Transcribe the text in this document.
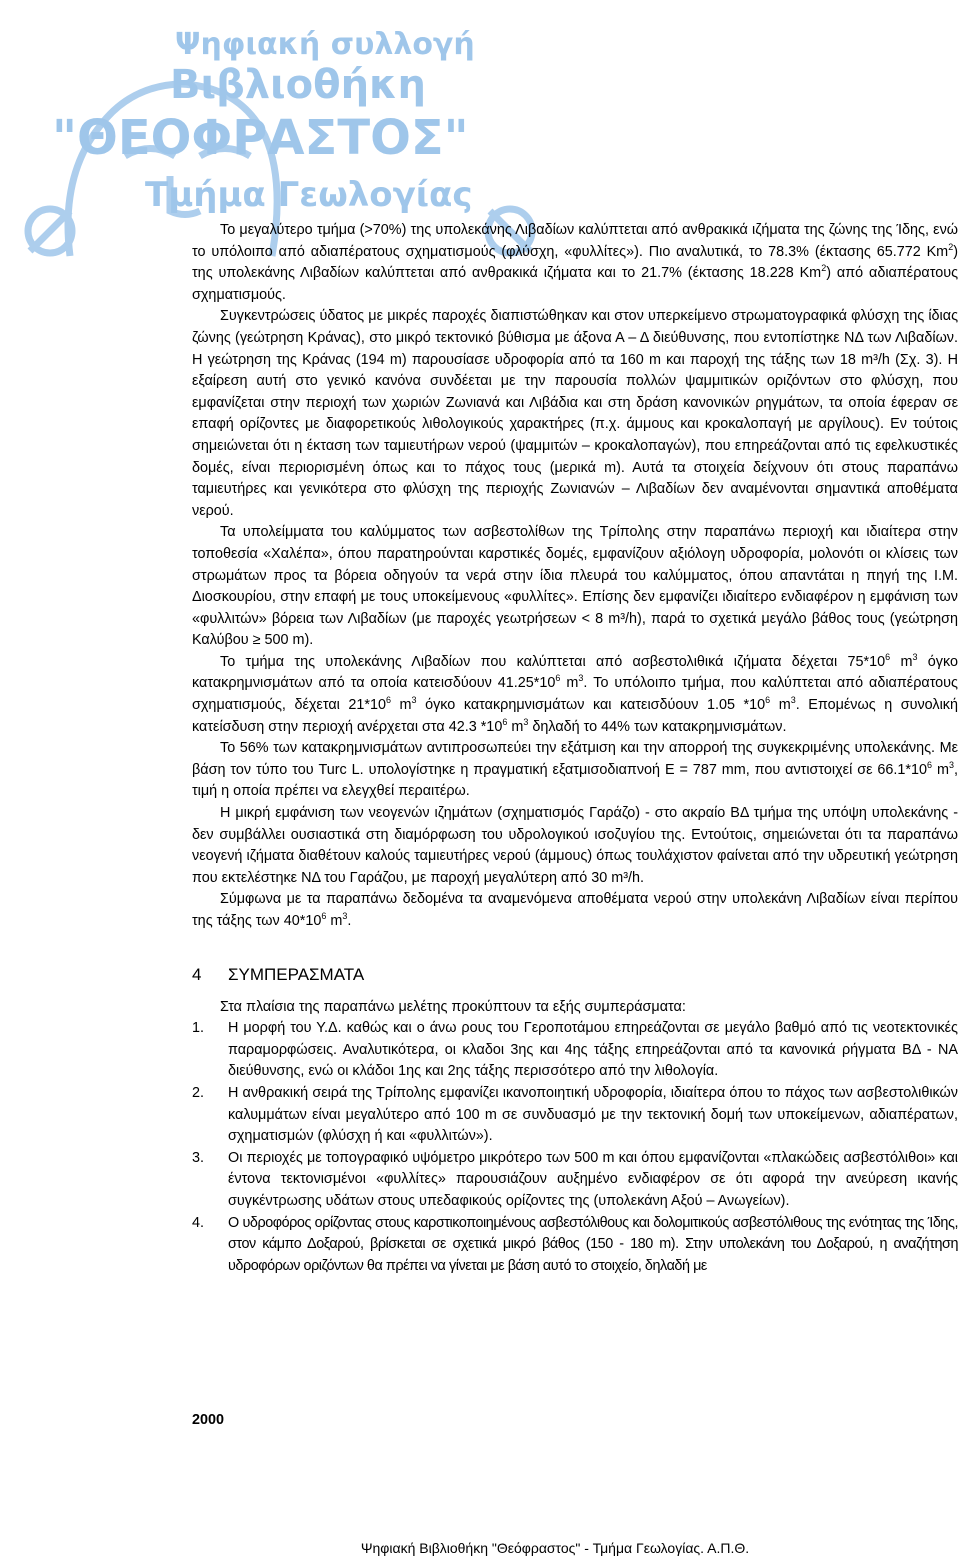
Ψηφιακή συλλογή
Βιβλιοθήκη
"ΘΕΟΦΡΑΣΤΟΣ"
Τμήμα Γεωλογίας

Το μεγαλύτερο τμήμα (>70%) της υπολεκάνης Λιβαδίων καλύπτεται από ανθρακικά ιζήματα της ζώνης της Ίδης, ενώ το υπόλοιπο από αδιαπέρατους σχηματισμούς (φλύσχη, «φυλλίτες»). Πιο αναλυτικά, το 78.3% (έκτασης 65.772 Km$^2$) της υπολεκάνης Λιβαδίων καλύπτεται από ανθρακικά ιζήματα και το 21.7% (έκτασης 18.228 Km$^2$) από αδιαπέρατους σχηματισμούς.

Συγκεντρώσεις ύδατος με μικρές παροχές διαπιστώθηκαν και στον υπερκείμενο στρωματογραφικά φλύσχη της ίδιας ζώνης (γεώτρηση Κράνας), στο μικρό τεκτονικό βύθισμα με άξονα Α – Δ διεύθυνσης, που εντοπίστηκε ΝΔ των Λιβαδίων. Η γεώτρηση της Κράνας (194 m) παρουσίασε υδροφορία από τα 160 m και παροχή της τάξης των 18 m³/h (Σχ. 3). Η εξαίρεση αυτή στο γενικό κανόνα συνδέεται με την παρουσία πολλών ψαμμιτικών οριζόντων στο φλύσχη, που εμφανίζεται στην περιοχή των χωριών Ζωνιανά και Λιβάδια και στη δράση κανονικών ρηγμάτων, τα οποία έφεραν σε επαφή ορίζοντες με διαφορετικούς λιθολογικούς χαρακτήρες (π.χ. άμμους και κροκαλοπαγή με αργίλους). Εν τούτοις σημειώνεται ότι η έκταση των ταμιευτήρων νερού (ψαμμιτών – κροκαλοπαγών), που επηρεάζονται από τις εφελκυστικές δομές, είναι περιορισμένη όπως και το πάχος τους (μερικά m). Αυτά τα στοιχεία δείχνουν ότι στους παραπάνω ταμιευτήρες και γενικότερα στο φλύσχη της περιοχής Ζωνιανών – Λιβαδίων δεν αναμένονται σημαντικά αποθέματα νερού.

Τα υπολείμματα του καλύμματος των ασβεστολίθων της Τρίπολης στην παραπάνω περιοχή και ιδιαίτερα στην τοποθεσία «Χαλέπα», όπου παρατηρούνται καρστικές δομές, εμφανίζουν αξιόλογη υδροφορία, μολονότι οι κλίσεις των στρωμάτων προς τα βόρεια οδηγούν τα νερά στην ίδια πλευρά του καλύμματος, όπου απαντάται η πηγή της Ι.Μ. Διοσκουρίου, στην επαφή με τους υποκείμενους «φυλλίτες». Επίσης δεν εμφανίζει ιδιαίτερο ενδιαφέρον η εμφάνιση των «φυλλιτών» βόρεια των Λιβαδίων (με παροχές γεωτρήσεων < 8 m³/h), παρά το σχετικά μεγάλο βάθος τους (γεώτρηση Καλύβου ≥ 500 m).

Το τμήμα της υπολεκάνης Λιβαδίων που καλύπτεται από ασβεστολιθικά ιζήματα δέχεται $75*10^6$ $m^3$ όγκο κατακρημνισμάτων από τα οποία κατεισδύουν $41.25*10^6$ $m^3$. Το υπόλοιπο τμήμα, που καλύπτεται από αδιαπέρατους σχηματισμούς, δέχεται $21*10^6$ $m^3$ όγκο κατακρημνισμάτων και κατεισδύουν 1.05 $*10^6$ $m^3$. Επομένως η συνολική κατείσδυση στην περιοχή ανέρχεται στα 42.3 $*10^6$ $m^3$ δηλαδή το 44% των κατακρημνισμάτων.

Το 56% των κατακρημνισμάτων αντιπροσωπεύει την εξάτμιση και την απορροή της συγκεκριμένης υπολεκάνης. Με βάση τον τύπο του Turc L. υπολογίστηκε η πραγματική εξατμισοδιαπνοή Ε = 787 mm, που αντιστοιχεί σε $66.1*10^6$ $m^3$, τιμή η οποία πρέπει να ελεγχθεί περαιτέρω.

Η μικρή εμφάνιση των νεογενών ιζημάτων (σχηματισμός Γαράζο) - στο ακραίο ΒΔ τμήμα της υπόψη υπολεκάνης - δεν συμβάλλει ουσιαστικά στη διαμόρφωση του υδρολογικού ισοζυγίου της. Εντούτοις, σημειώνεται ότι τα παραπάνω νεογενή ιζήματα διαθέτουν καλούς ταμιευτήρες νερού (άμμους) όπως τουλάχιστον φαίνεται από την υδρευτική γεώτρηση που εκτελέστηκε ΝΔ του Γαράζου, με παροχή μεγαλύτερη από 30 m³/h.

Σύμφωνα με τα παραπάνω δεδομένα τα αναμενόμενα αποθέματα νερού στην υπολεκάνη Λιβαδίων είναι περίπου της τάξης των $40*10^6$ $m^3$.

4	ΣΥΜΠΕΡΑΣΜΑΤΑ

Στα πλαίσια της παραπάνω μελέτης προκύπτουν τα εξής συμπεράσματα:

1.	Η μορφή του Υ.Δ. καθώς και ο άνω ρους του Γεροποτάμου επηρεάζονται σε μεγάλο βαθμό από τις νεοτεκτονικές παραμορφώσεις. Αναλυτικότερα, οι κλαδοι 3ης και 4ης τάξης επηρεάζονται από τα κανονικά ρήγματα ΒΔ - ΝΑ διεύθυνσης, ενώ οι κλάδοι 1ης και 2ης τάξης περισσότερο από την λιθολογία.
2.	Η ανθρακική σειρά της Τρίπολης εμφανίζει ικανοποιητική υδροφορία, ιδιαίτερα όπου το πάχος των ασβεστολιθικών καλυμμάτων είναι μεγαλύτερο από 100 m σε συνδυασμό με την τεκτονική δομή των υποκείμενων, αδιαπέρατων, σχηματισμών (φλύσχη ή και «φυλλιτών»).
3.	Οι περιοχές με τοπογραφικό υψόμετρο μικρότερο των 500 m και όπου εμφανίζονται «πλακώδεις ασβεστόλιθοι» και έντονα τεκτονισμένοι «φυλλίτες» παρουσιάζουν αυξημένο ενδιαφέρον σε ότι αφορά την ανεύρεση ικανής συγκέντρωσης υδάτων στους υπεδαφικούς ορίζοντες της (υπολεκάνη Αξού – Ανωγείων).
4.	Ο υδροφόρος ορίζοντας στους καρστικοποιημένους ασβεστόλιθους και δολομιτικούς ασβεστόλιθους της ενότητας της Ίδης, στον κάμπο Δοξαρού, βρίσκεται σε σχετικά μικρό βάθος (150 - 180 m). Στην υπολεκάνη του Δοξαρού, η αναζήτηση υδροφόρων οριζόντων θα πρέπει να γίνεται με βάση αυτό το στοιχείο, δηλαδή με
2000
Ψηφιακή Βιβλιοθήκη "Θεόφραστος" - Τμήμα Γεωλογίας. Α.Π.Θ.
